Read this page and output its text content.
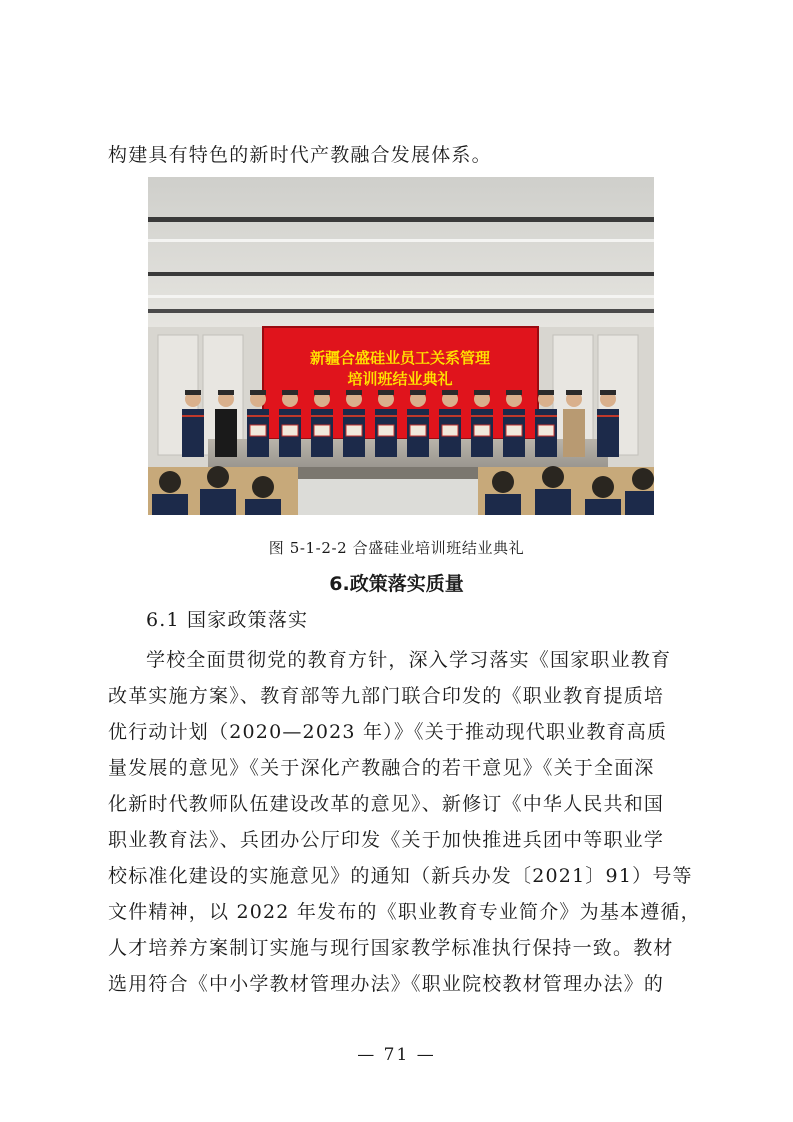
构建具有特色的新时代产教融合发展体系。
新疆合盛硅业员工关系管理
培训班结业典礼
图 5-1-2-2 合盛硅业培训班结业典礼
6.政策落实质量
6.1 国家政策落实
学校全面贯彻党的教育方针，深入学习落实《国家职业教育
改革实施方案》、教育部等九部门联合印发的《职业教育提质培
优行动计划（2020—2023 年）》《关于推动现代职业教育高质
量发展的意见》《关于深化产教融合的若干意见》《关于全面深
化新时代教师队伍建设改革的意见》、新修订《中华人民共和国
职业教育法》、兵团办公厅印发《关于加快推进兵团中等职业学
校标准化建设的实施意见》的通知（新兵办发〔2021〕91）号等
文件精神，以 2022 年发布的《职业教育专业简介》为基本遵循，
人才培养方案制订实施与现行国家教学标准执行保持一致。教材
选用符合《中小学教材管理办法》《职业院校教材管理办法》的
— 71 —
